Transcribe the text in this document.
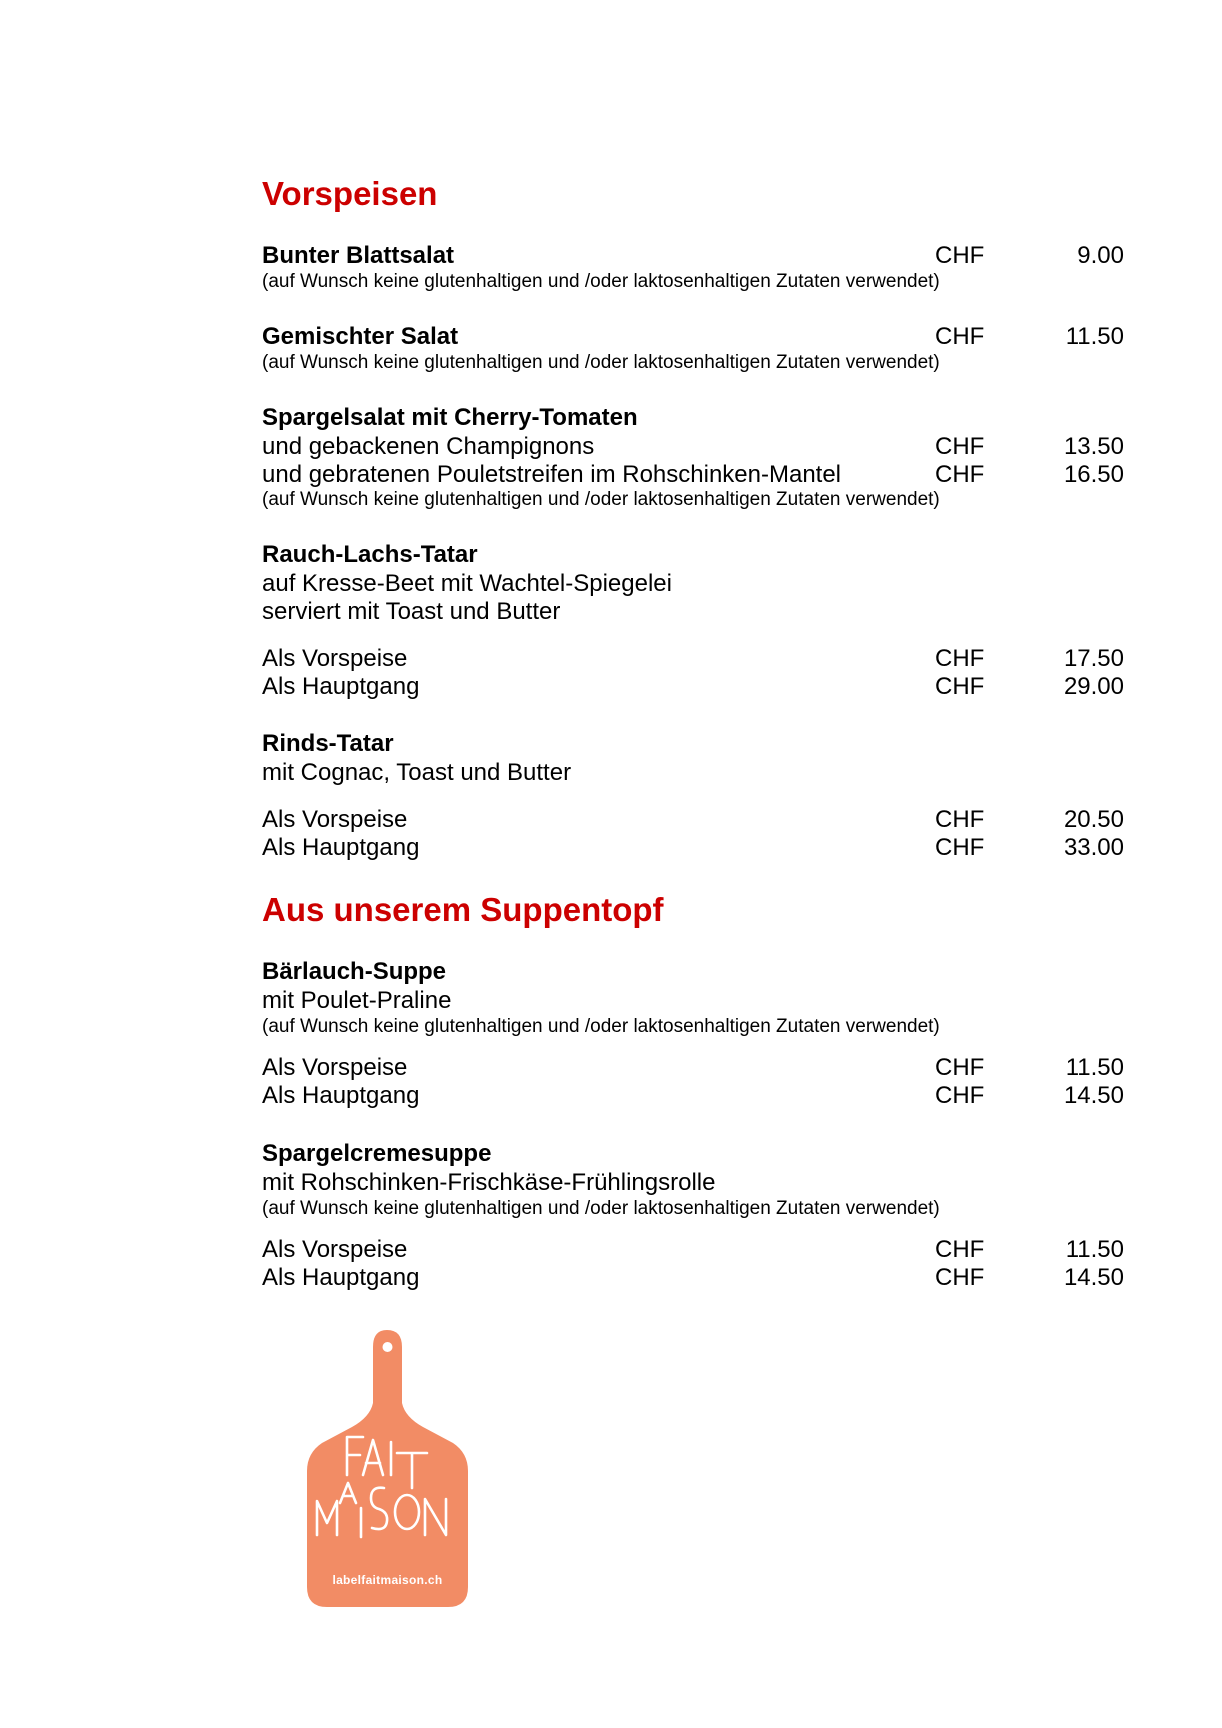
Vorspeisen
Bunter Blattsalat	CHF	9.00
(auf Wunsch keine glutenhaltigen und /oder laktosenhaltigen Zutaten verwendet)
Gemischter Salat	CHF	11.50
(auf Wunsch keine glutenhaltigen und /oder laktosenhaltigen Zutaten verwendet)
Spargelsalat mit Cherry-Tomaten
und gebackenen Champignons	CHF	13.50
und gebratenen Pouletstreifen im Rohschinken-Mantel	CHF	16.50
(auf Wunsch keine glutenhaltigen und /oder laktosenhaltigen Zutaten verwendet)
Rauch-Lachs-Tatar
auf Kresse-Beet mit Wachtel-Spiegelei
serviert mit Toast und Butter
Als Vorspeise	CHF	17.50
Als Hauptgang	CHF	29.00
Rinds-Tatar
mit Cognac, Toast und Butter
Als Vorspeise	CHF	20.50
Als Hauptgang	CHF	33.00
Aus unserem Suppentopf
Bärlauch-Suppe
mit Poulet-Praline
(auf Wunsch keine glutenhaltigen und /oder laktosenhaltigen Zutaten verwendet)
Als Vorspeise	CHF	11.50
Als Hauptgang	CHF	14.50
Spargelcremesuppe
mit Rohschinken-Frischkäse-Frühlingsrolle
(auf Wunsch keine glutenhaltigen und /oder laktosenhaltigen Zutaten verwendet)
Als Vorspeise	CHF	11.50
Als Hauptgang	CHF	14.50
labelfaitmaison.ch
